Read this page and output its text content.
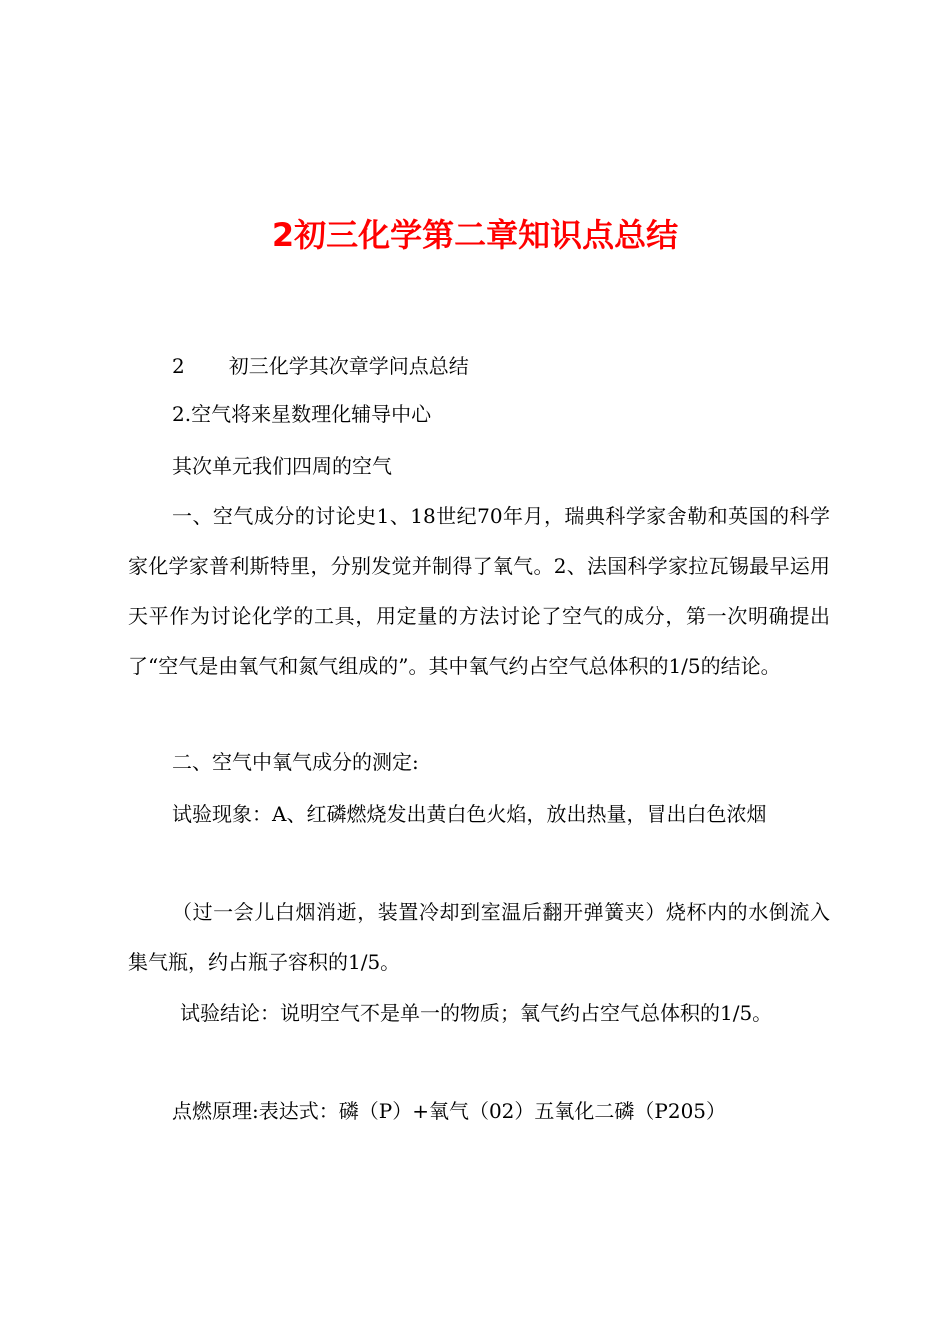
2初三化学第二章知识点总结
2 初三化学其次章学问点总结
2.空气将来星数理化辅导中心
其次单元我们四周的空气
一、空气成分的讨论史1、18世纪70年月，瑞典科学家舍勒和英国的科学家化学家普利斯特里，分别发觉并制得了氧气。2、法国科学家拉瓦锡最早运用天平作为讨论化学的工具，用定量的方法讨论了空气的成分，第一次明确提出了“空气是由氧气和氮气组成的”。其中氧气约占空气总体积的1/5的结论。
二、空气中氧气成分的测定:
试验现象：A、红磷燃烧发出黄白色火焰，放出热量，冒出白色浓烟
（过一会儿白烟消逝，装置冷却到室温后翻开弹簧夹）烧杯内的水倒流入集气瓶，约占瓶子容积的1/5。
试验结论：说明空气不是单一的物质；氧气约占空气总体积的1/5。
点燃原理:表达式：磷（P）+氧气（02）五氧化二磷（P205）
